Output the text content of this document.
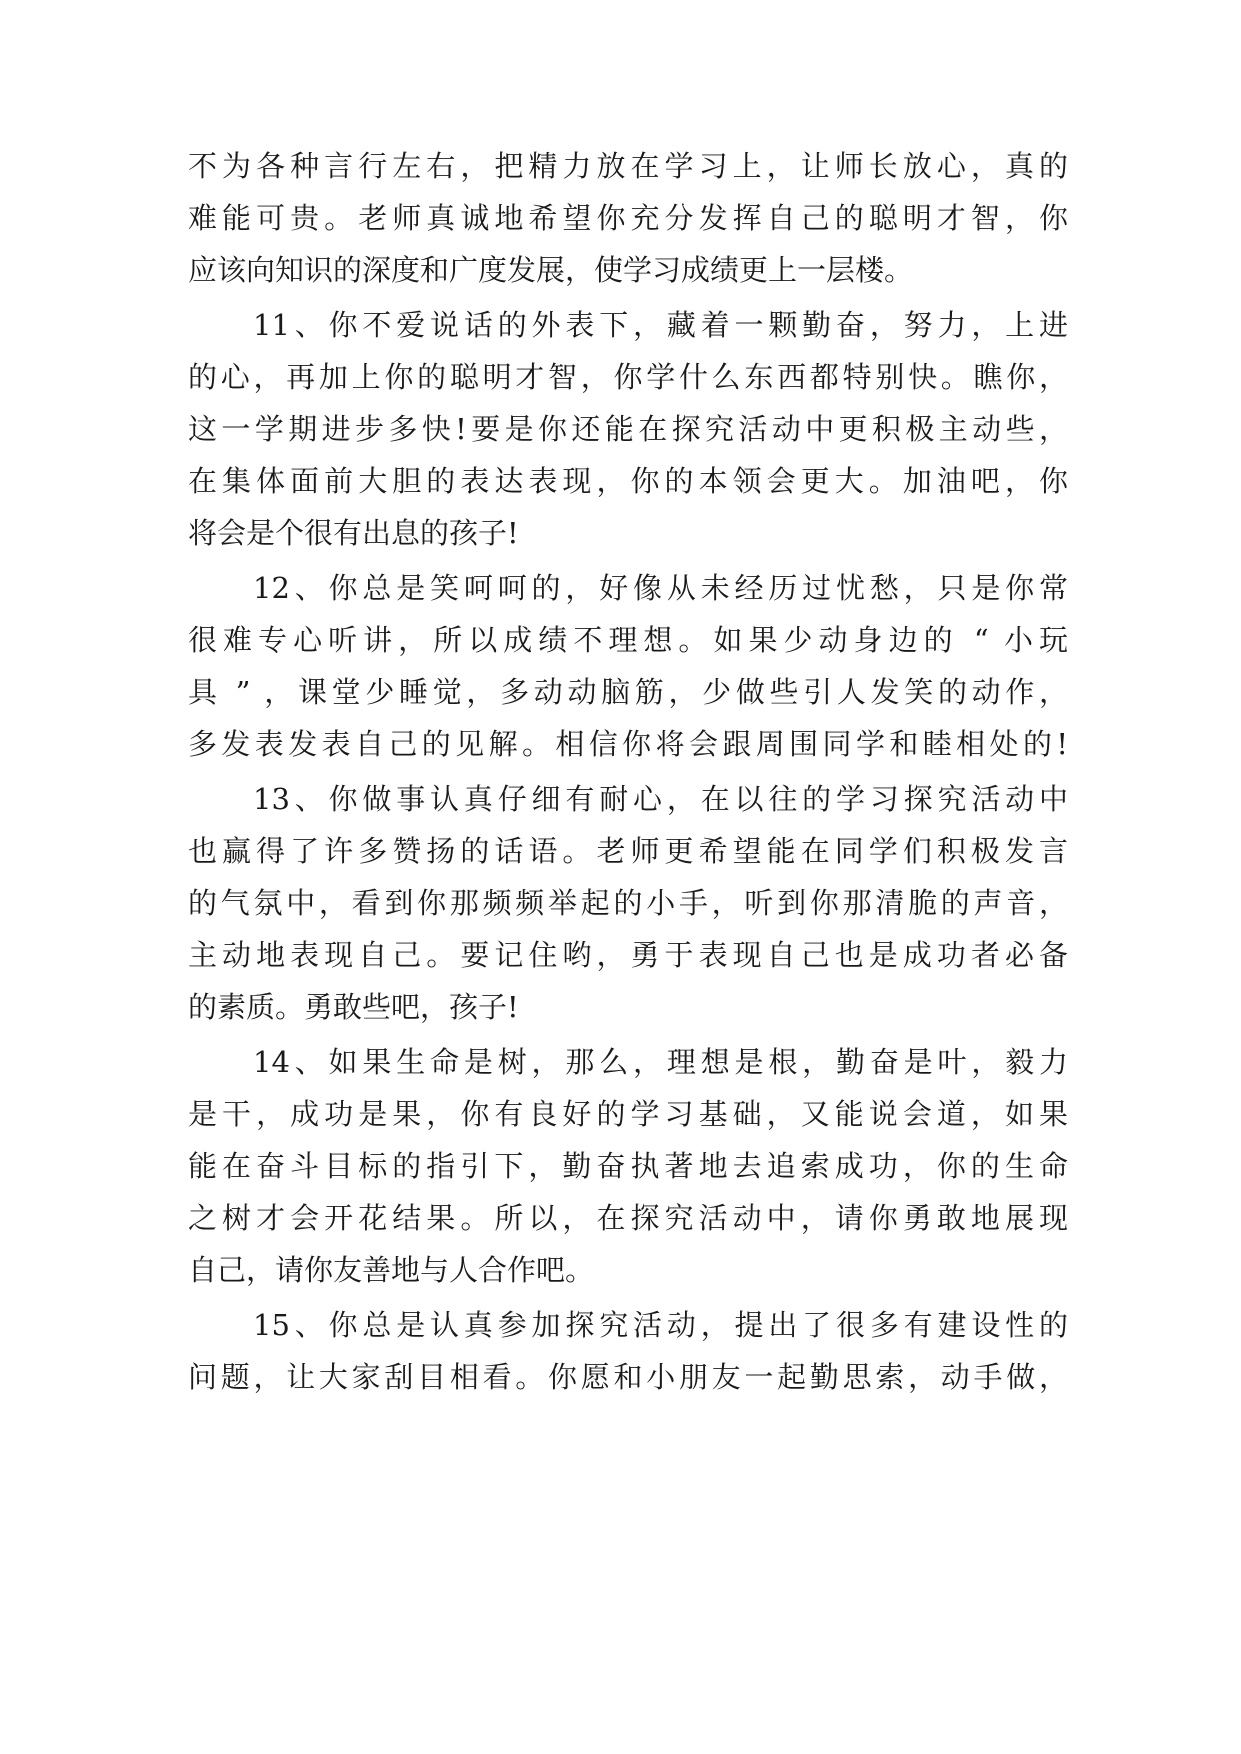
不为各种言行左右，把精力放在学习上，让师长放心，真的
难能可贵。老师真诚地希望你充分发挥自己的聪明才智，你
应该向知识的深度和广度发展，使学习成绩更上一层楼。
11、你不爱说话的外表下，藏着一颗勤奋，努力，上进
的心，再加上你的聪明才智，你学什么东西都特别快。瞧你，
这一学期进步多快!要是你还能在探究活动中更积极主动些，
在集体面前大胆的表达表现，你的本领会更大。加油吧，你
将会是个很有出息的孩子!
12、你总是笑呵呵的，好像从未经历过忧愁，只是你常
很难专心听讲，所以成绩不理想。如果少动身边的 “ 小玩
具 ” ，课堂少睡觉，多动动脑筋，少做些引人发笑的动作，
多发表发表自己的见解。相信你将会跟周围同学和睦相处的!
13、你做事认真仔细有耐心，在以往的学习探究活动中
也赢得了许多赞扬的话语。老师更希望能在同学们积极发言
的气氛中，看到你那频频举起的小手，听到你那清脆的声音，
主动地表现自己。要记住哟，勇于表现自己也是成功者必备
的素质。勇敢些吧，孩子!
14、如果生命是树，那么，理想是根，勤奋是叶，毅力
是干，成功是果，你有良好的学习基础，又能说会道，如果
能在奋斗目标的指引下，勤奋执著地去追索成功，你的生命
之树才会开花结果。所以，在探究活动中，请你勇敢地展现
自己，请你友善地与人合作吧。
15、你总是认真参加探究活动，提出了很多有建设性的
问题，让大家刮目相看。你愿和小朋友一起勤思索，动手做，
